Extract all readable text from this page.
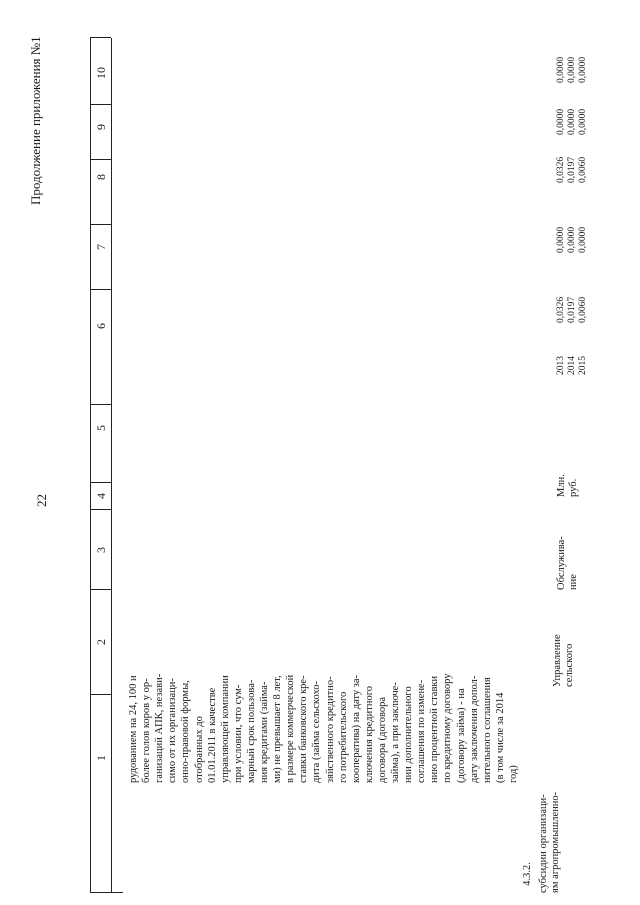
22
Продолжение приложения №1
1
2
3
4
5
6
7
8
9
10
рудованием на 24, 100 и более голов коров у ор- ганизаций АПК, незави- симо от их организаци- онно-правовой формы, отобранных до 01.01.2011 в качестве управляющей компании при условии, что сум- марный срок пользова- ния кредитами (займа- ми) не превышает 8 лет, в размере коммерческой ставки банковского кре- дита (займа сельскохо- зяйственного кредитно- го потребительского кооператива) на дату за- ключения кредитного договора (договора займа), а при заключе- нии дополнительного соглашения по измене- нию процентной ставки по кредитному договору (договору займа) - на дату заключения допол- нительного соглашения (в том числе за 2014 год)
4.3.2. субсидии организаци- ям агропромышленно-
Управление сельского
Обслужива- ние
Млн. руб.
2013 2014 2015
0,0326 0,0197 0,0060
0,0000 0,0000 0,0000
0,0326 0,0197 0,0060
0,0000 0,0000 0,0000
0,0000 0,0000 0,0000
